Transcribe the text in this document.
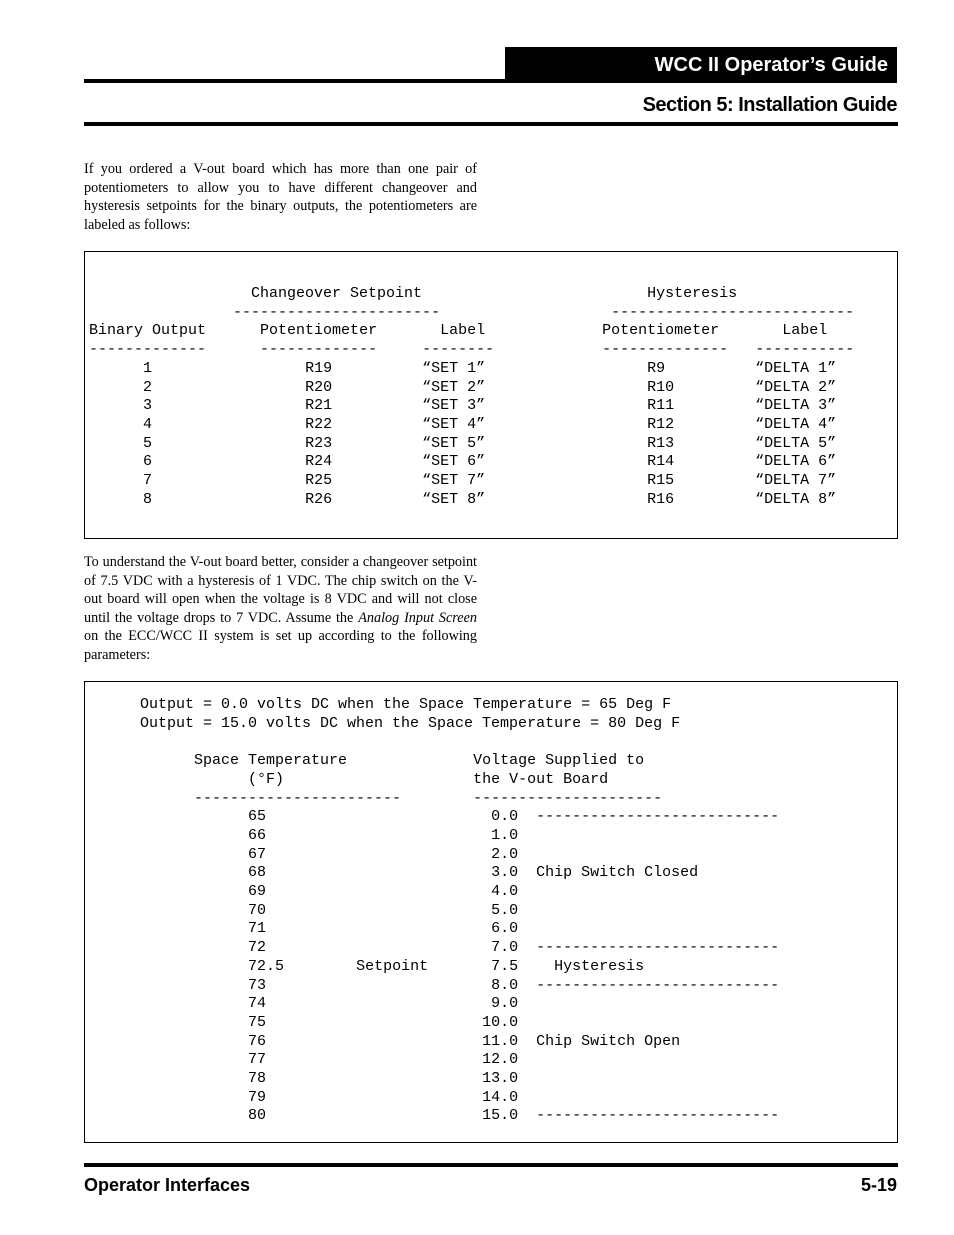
WCC II Operator’s Guide
Section 5: Installation Guide

If you ordered a V-out board which has more than one pair of potentiometers to allow you to have different changeover and hysteresis setpoints for the binary outputs, the potentiometers are labeled as follows:

Changeover Setpoint	Hysteresis
-----------------------	---------------------------
Binary Output	Potentiometer	Label	Potentiometer	Label
-------------	-------------	--------	-------------- -----------
1	R19	“SET 1”	R9	“DELTA 1”
2	R20	“SET 2”	R10	“DELTA 2”
3	R21	“SET 3”	R11	“DELTA 3”
4	R22	“SET 4”	R12	“DELTA 4”
5	R23	“SET 5”	R13	“DELTA 5”
6	R24	“SET 6”	R14	“DELTA 6”
7	R25	“SET 7”	R15	“DELTA 7”
8	R26	“SET 8”	R16	“DELTA 8”

To understand the V-out board better, consider a changeover setpoint of 7.5 VDC with a hysteresis of 1 VDC. The chip switch on the V-out board will open when the voltage is 8 VDC and will not close until the voltage drops to 7 VDC. Assume the Analog Input Screen on the ECC/WCC II system is set up according to the following parameters:

Output = 0.0 volts DC when the Space Temperature = 65 Deg F
Output = 15.0 volts DC when the Space Temperature = 80 Deg F

Space Temperature	Voltage Supplied to
(°F)	the V-out Board
-----------------------	---------------------
65	0.0 ---------------------------
66	1.0
67	2.0
68	3.0 Chip Switch Closed
69	4.0
70	5.0
71	6.0
72	7.0 ---------------------------
72.5	Setpoint	7.5    Hysteresis
73	8.0 ---------------------------
74	9.0
75	10.0
76	11.0 Chip Switch Open
77	12.0
78	13.0
79	14.0
80	15.0 ---------------------------

Operator Interfaces	5-19
